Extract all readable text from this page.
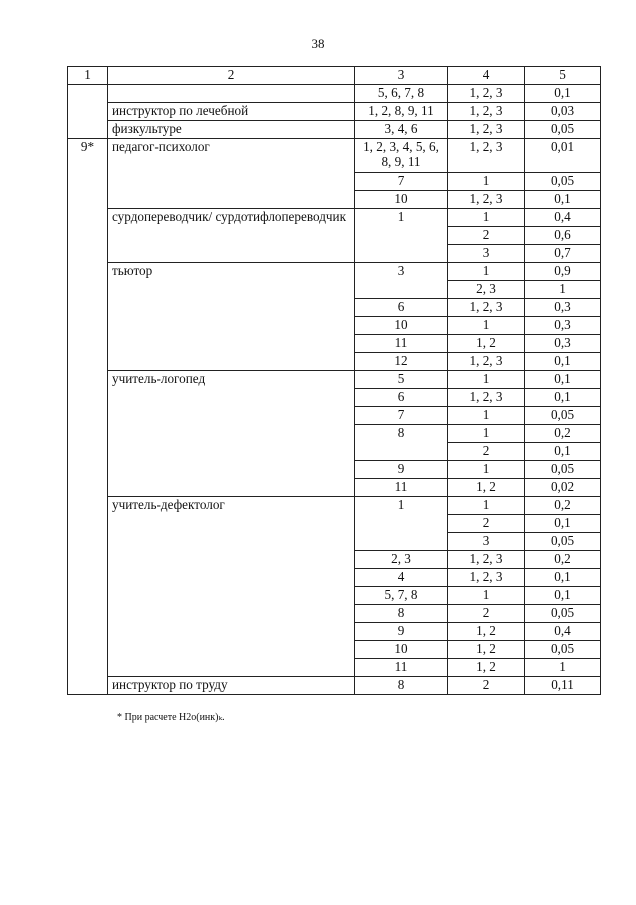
38
1	2	3	4	5
		5, 6, 7, 8	1, 2, 3	0,1
	инструктор по лечебной	1, 2, 8, 9, 11	1, 2, 3	0,03
	физкультуре	3, 4, 6	1, 2, 3	0,05
9*	педагог-психолог	1, 2, 3, 4, 5, 6, 8, 9, 11	1, 2, 3	0,01
		7	1	0,05
		10	1, 2, 3	0,1
	сурдопереводчик/ сурдотифлопереводчик	1	1	0,4
			2	0,6
			3	0,7
	тьютор	3	1	0,9
			2, 3	1
		6	1, 2, 3	0,3
		10	1	0,3
		11	1, 2	0,3
		12	1, 2, 3	0,1
	учитель-логопед	5	1	0,1
		6	1, 2, 3	0,1
		7	1	0,05
		8	1	0,2
			2	0,1
		9	1	0,05
		11	1, 2	0,02
	учитель-дефектолог	1	1	0,2
			2	0,1
			3	0,05
		2, 3	1, 2, 3	0,2
		4	1, 2, 3	0,1
		5, 7, 8	1	0,1
		8	2	0,05
		9	1, 2	0,4
		10	1, 2	0,05
		11	1, 2	1
	инструктор по труду	8	2	0,11
* При расчете H2o(инк)ₖ.
